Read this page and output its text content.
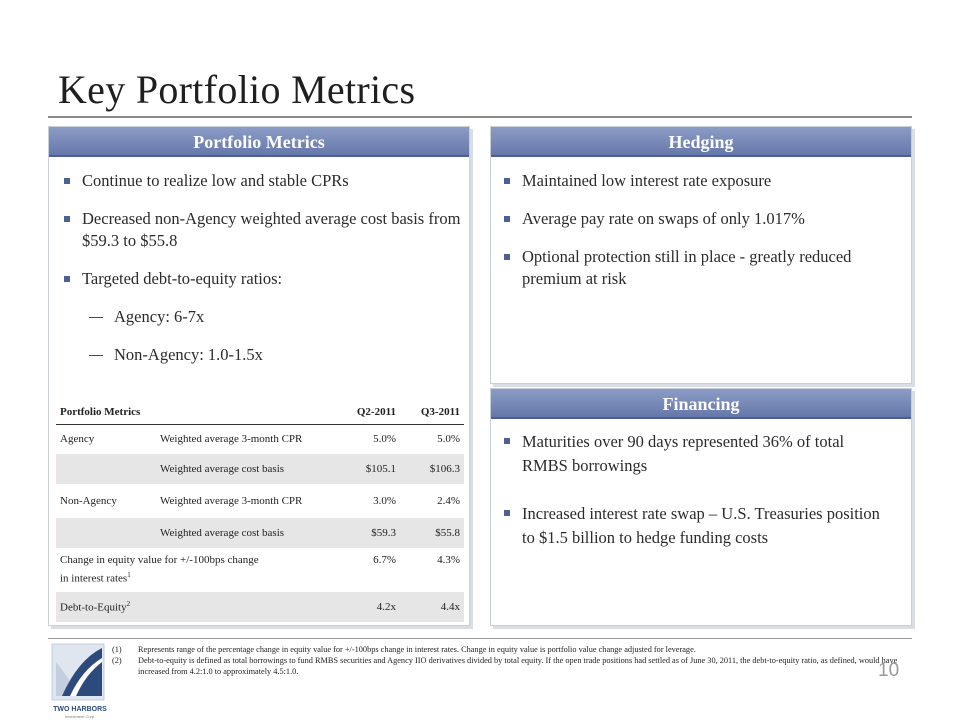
Key Portfolio Metrics
Portfolio Metrics
Continue to realize low and stable CPRs
Decreased non-Agency weighted average cost basis from $59.3 to $55.8
Targeted debt-to-equity ratios:
Agency: 6-7x
Non-Agency: 1.0-1.5x
Portfolio Metrics		Q2-2011	Q3-2011
Agency	Weighted average 3-month CPR	5.0%	5.0%
	Weighted average cost basis	$105.1	$106.3
Non-Agency	Weighted average 3-month CPR	3.0%	2.4%
	Weighted average cost basis	$59.3	$55.8
Change in equity value for +/-100bps change in interest rates$^1$		6.7%	4.3%
Debt-to-Equity$^2$		4.2x	4.4x
Hedging
Maintained low interest rate exposure
Average pay rate on swaps of only 1.017%
Optional protection still in place - greatly reduced premium at risk
Financing
Maturities over 90 days represented 36% of total RMBS borrowings
Increased interest rate swap – U.S. Treasuries position to $1.5 billion to hedge funding costs
TWO HARBORS
Investment Corp.
(1) Represents range of the percentage change in equity value for +/-100bps change in interest rates. Change in equity value is portfolio value change adjusted for leverage.
(2) Debt-to-equity is defined as total borrowings to fund RMBS securities and Agency IIO derivatives divided by total equity. If the open trade positions had settled as of June 30, 2011, the debt-to-equity ratio, as defined, would have increased from 4.2:1.0 to approximately 4.5:1.0.	10
